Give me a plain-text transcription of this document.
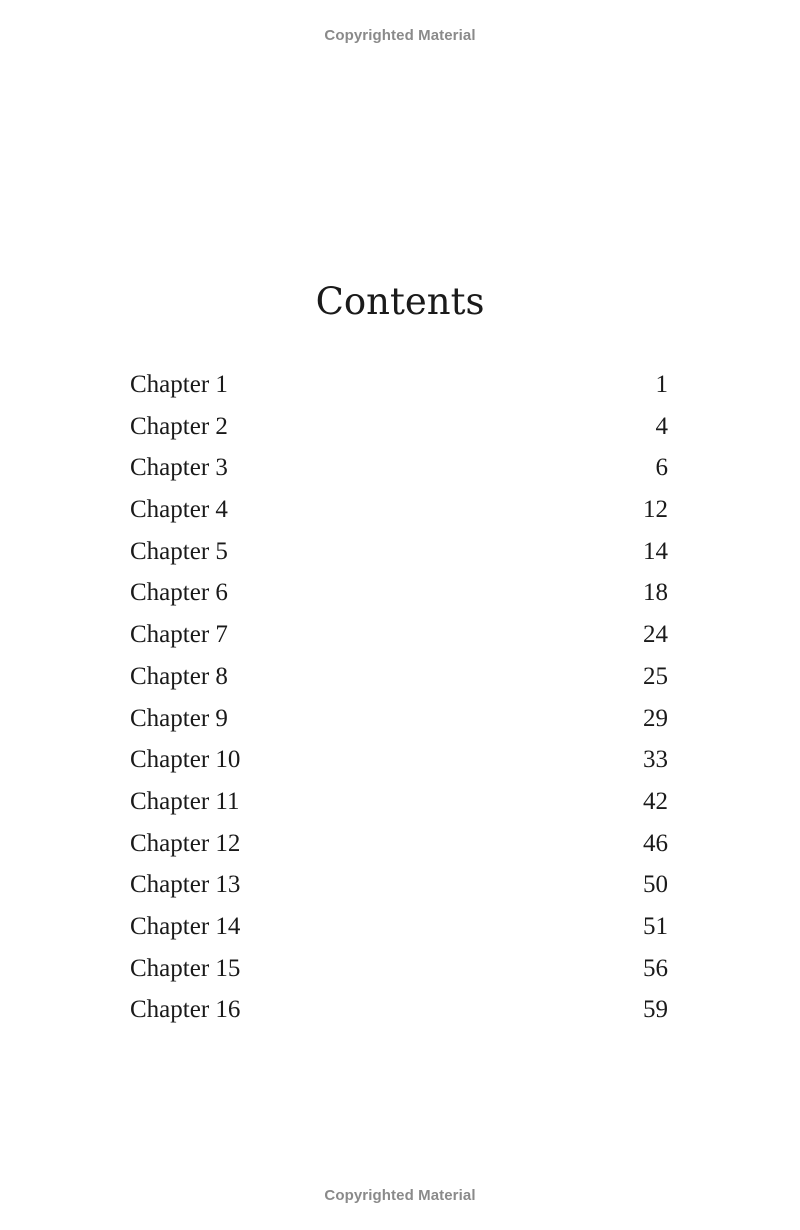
Copyrighted Material
Contents
Chapter 1	1
Chapter 2	4
Chapter 3	6
Chapter 4	12
Chapter 5	14
Chapter 6	18
Chapter 7	24
Chapter 8	25
Chapter 9	29
Chapter 10	33
Chapter 11	42
Chapter 12	46
Chapter 13	50
Chapter 14	51
Chapter 15	56
Chapter 16	59
Copyrighted Material
